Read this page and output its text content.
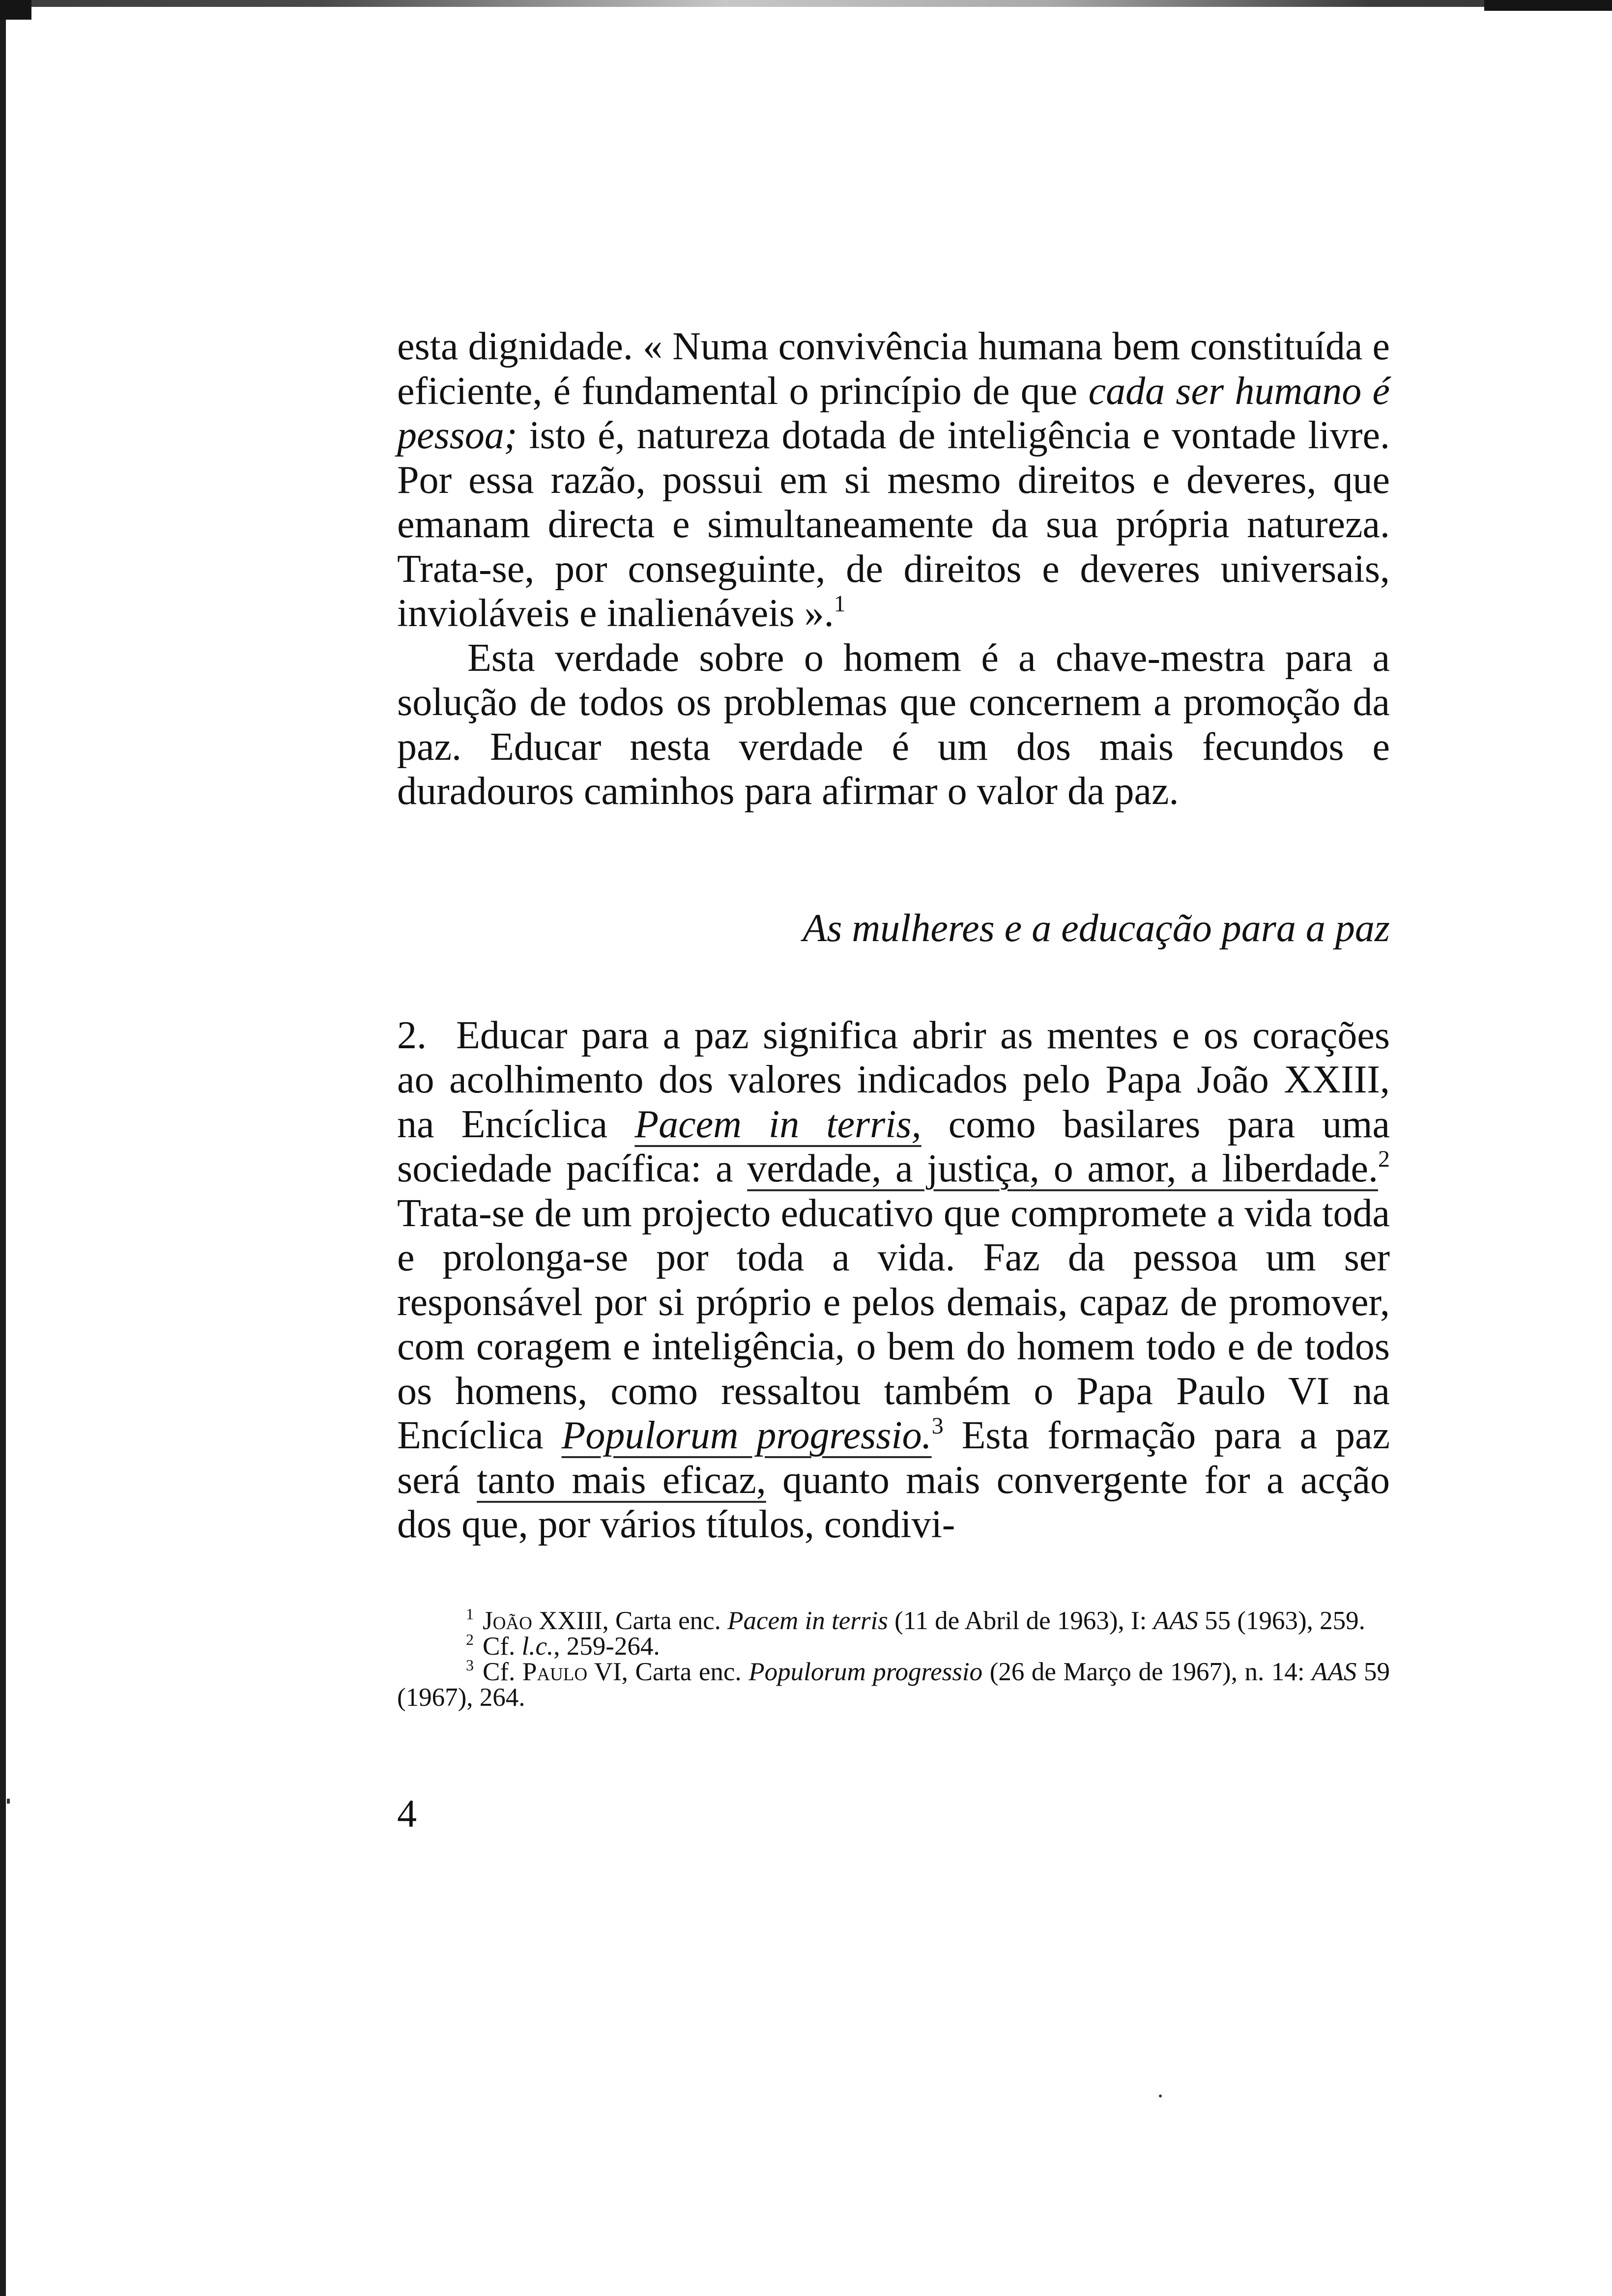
esta dignidade. « Numa convivência humana bem constituída e eficiente, é fundamental o princípio de que cada ser humano é pessoa; isto é, natureza dotada de inteligência e vontade livre. Por essa razão, possui em si mesmo direitos e deveres, que emanam directa e simultaneamente da sua própria natureza. Trata-se, por conseguinte, de direitos e deveres universais, invioláveis e inalienáveis ».$^1$

Esta verdade sobre o homem é a chave-mestra para a solução de todos os problemas que concernem a promoção da paz. Educar nesta verdade é um dos mais fecundos e duradouros caminhos para afirmar o valor da paz.

As mulheres e a educação para a paz

2. Educar para a paz significa abrir as mentes e os corações ao acolhimento dos valores indicados pelo Papa João XXIII, na Encíclica Pacem in terris, como basilares para uma sociedade pacífica: a verdade, a justiça, o amor, a liberdade.$^2$ Trata-se de um projecto educativo que compromete a vida toda e prolonga-se por toda a vida. Faz da pessoa um ser responsável por si próprio e pelos demais, capaz de promover, com coragem e inteligência, o bem do homem todo e de todos os homens, como ressaltou também o Papa Paulo VI na Encíclica Populorum progressio.$^3$ Esta formação para a paz será tanto mais eficaz, quanto mais convergente for a acção dos que, por vários títulos, condivi-

$^1$ João XXIII, Carta enc. Pacem in terris (11 de Abril de 1963), I: AAS 55 (1963), 259.

$^2$ Cf. l.c., 259-264.

$^3$ Cf. Paulo VI, Carta enc. Populorum progressio (26 de Março de 1967), n. 14: AAS 59 (1967), 264.

4
